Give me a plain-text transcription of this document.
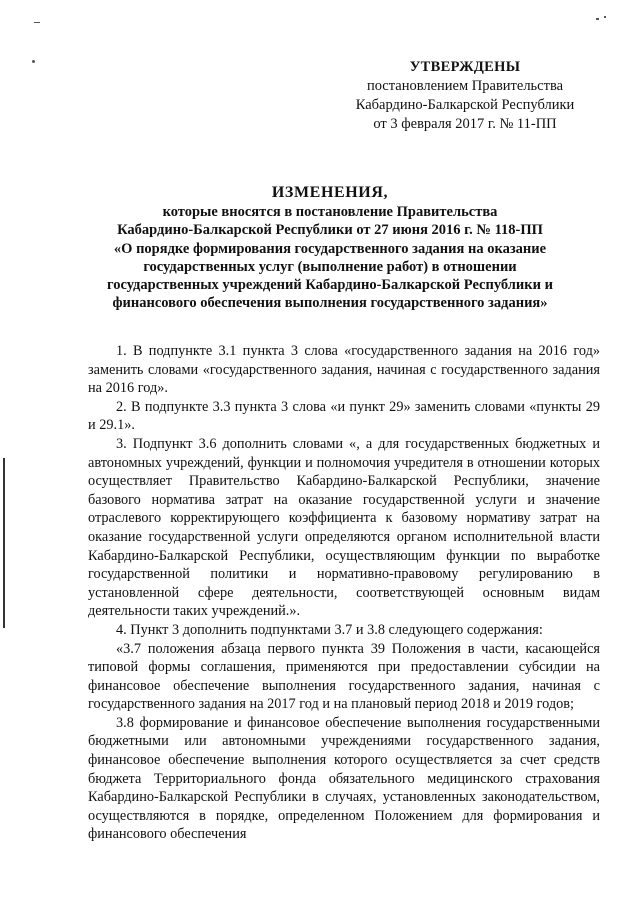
УТВЕРЖДЕНЫ
постановлением Правительства
Кабардино-Балкарской Республики
от 3 февраля 2017 г. № 11-ПП
ИЗМЕНЕНИЯ,
которые вносятся в постановление Правительства
Кабардино-Балкарской Республики от 27 июня 2016 г. № 118-ПП
«О порядке формирования государственного задания на оказание
государственных услуг (выполнение работ) в отношении
государственных учреждений Кабардино-Балкарской Республики и
финансового обеспечения выполнения государственного задания»

1. В подпункте 3.1 пункта 3 слова «государственного задания на 2016 год» заменить словами «государственного задания, начиная с государственного задания на 2016 год».

2. В подпункте 3.3 пункта 3 слова «и пункт 29» заменить словами «пункты 29 и 29.1».

3. Подпункт 3.6 дополнить словами «, а для государственных бюджетных и автономных учреждений, функции и полномочия учредителя в отношении которых осуществляет Правительство Кабардино-Балкарской Республики, значение базового норматива затрат на оказание государственной услуги и значение отраслевого корректирующего коэффициента к базовому нормативу затрат на оказание государственной услуги определяются органом исполнительной власти Кабардино-Балкарской Республики, осуществляющим функции по выработке государственной политики и нормативно-правовому регулированию в установленной сфере деятельности, соответствующей основным видам деятельности таких учреждений.».

4. Пункт 3 дополнить подпунктами 3.7 и 3.8 следующего содержания:

«3.7 положения абзаца первого пункта 39 Положения в части, касающейся типовой формы соглашения, применяются при предоставлении субсидии на финансовое обеспечение выполнения государственного задания, начиная с государственного задания на 2017 год и на плановый период 2018 и 2019 годов;

3.8 формирование и финансовое обеспечение выполнения государственными бюджетными или автономными учреждениями государственного задания, финансовое обеспечение выполнения которого осуществляется за счет средств бюджета Территориального фонда обязательного медицинского страхования Кабардино-Балкарской Республики в случаях, установленных законодательством, осуществляются в порядке, определенном Положением для формирования и финансового обеспечения
